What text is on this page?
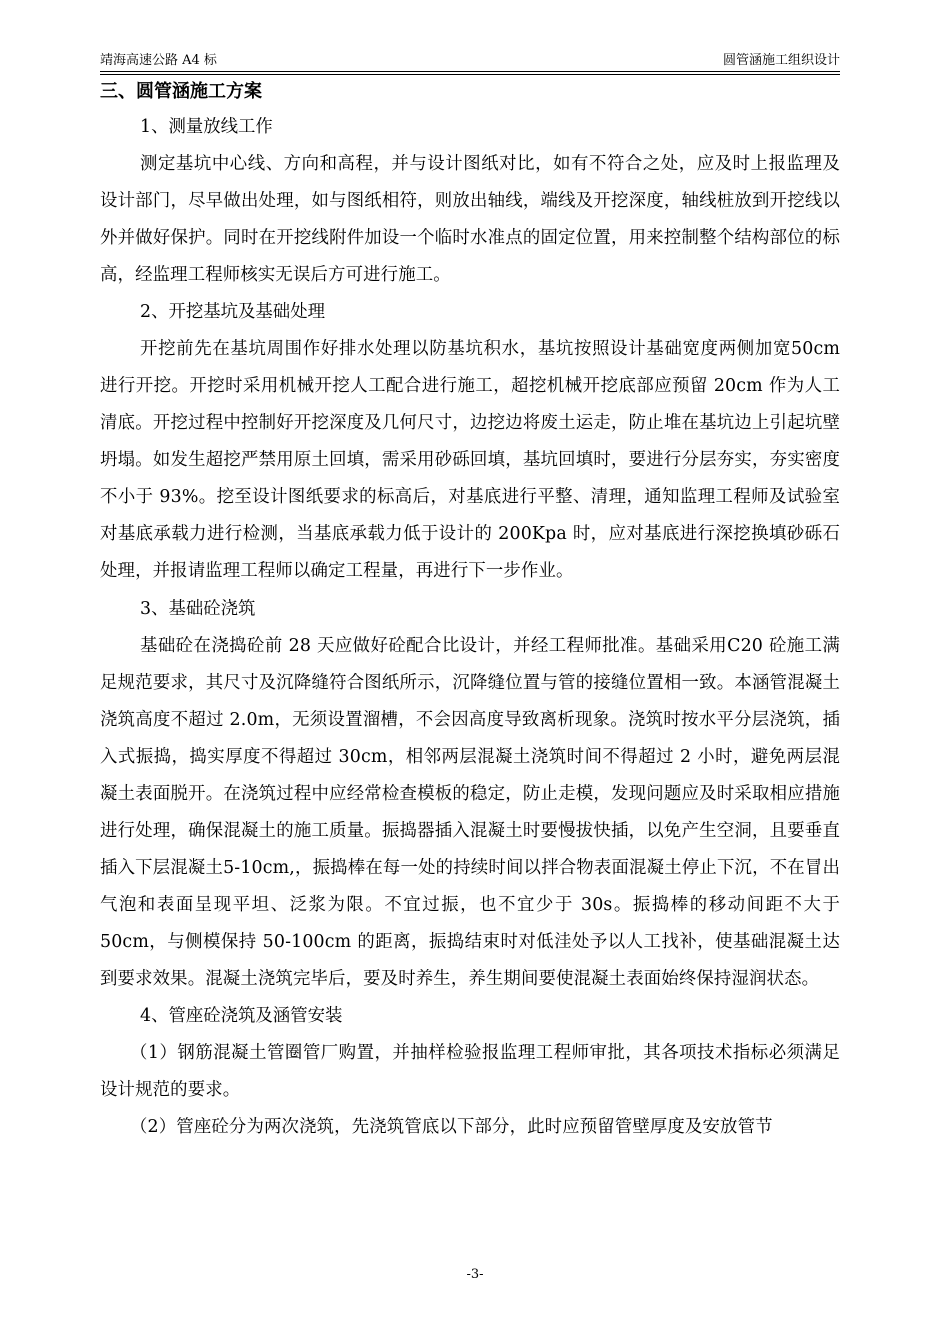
靖海高速公路 A4 标	圆管涵施工组织设计
三、圆管涵施工方案

1、测量放线工作

测定基坑中心线、方向和高程，并与设计图纸对比，如有不符合之处，应及时上报监理及设计部门，尽早做出处理，如与图纸相符，则放出轴线，端线及开挖深度，轴线桩放到开挖线以外并做好保护。同时在开挖线附件加设一个临时水准点的固定位置，用来控制整个结构部位的标高，经监理工程师核实无误后方可进行施工。

2、开挖基坑及基础处理

开挖前先在基坑周围作好排水处理以防基坑积水，基坑按照设计基础宽度两侧加宽50cm 进行开挖。开挖时采用机械开挖人工配合进行施工，超挖机械开挖底部应预留 20cm 作为人工清底。开挖过程中控制好开挖深度及几何尺寸，边挖边将废土运走，防止堆在基坑边上引起坑壁坍塌。如发生超挖严禁用原土回填，需采用砂砾回填，基坑回填时，要进行分层夯实，夯实密度不小于 93%。挖至设计图纸要求的标高后，对基底进行平整、清理，通知监理工程师及试验室对基底承载力进行检测，当基底承载力低于设计的 200Kpa 时，应对基底进行深挖换填砂砾石处理，并报请监理工程师以确定工程量，再进行下一步作业。

3、基础砼浇筑

基础砼在浇捣砼前 28 天应做好砼配合比设计，并经工程师批准。基础采用C20 砼施工满足规范要求，其尺寸及沉降缝符合图纸所示，沉降缝位置与管的接缝位置相一致。本涵管混凝土浇筑高度不超过 2.0m，无须设置溜槽，不会因高度导致离析现象。浇筑时按水平分层浇筑，插入式振捣，捣实厚度不得超过 30cm，相邻两层混凝土浇筑时间不得超过 2 小时，避免两层混凝土表面脱开。在浇筑过程中应经常检查模板的稳定，防止走模，发现问题应及时采取相应措施进行处理，确保混凝土的施工质量。振捣器插入混凝土时要慢拔快插，以免产生空洞，且要垂直插入下层混凝土5-10cm,，振捣棒在每一处的持续时间以拌合物表面混凝土停止下沉，不在冒出气泡和表面呈现平坦、泛浆为限。不宜过振，也不宜少于 30s。振捣棒的移动间距不大于 50cm，与侧模保持 50-100cm 的距离，振捣结束时对低洼处予以人工找补，使基础混凝土达到要求效果。混凝土浇筑完毕后，要及时养生，养生期间要使混凝土表面始终保持湿润状态。

4、管座砼浇筑及涵管安装

（1）钢筋混凝土管圈管厂购置，并抽样检验报监理工程师审批，其各项技术指标必须满足设计规范的要求。

（2）管座砼分为两次浇筑，先浇筑管底以下部分，此时应预留管壁厚度及安放管节

-3-
